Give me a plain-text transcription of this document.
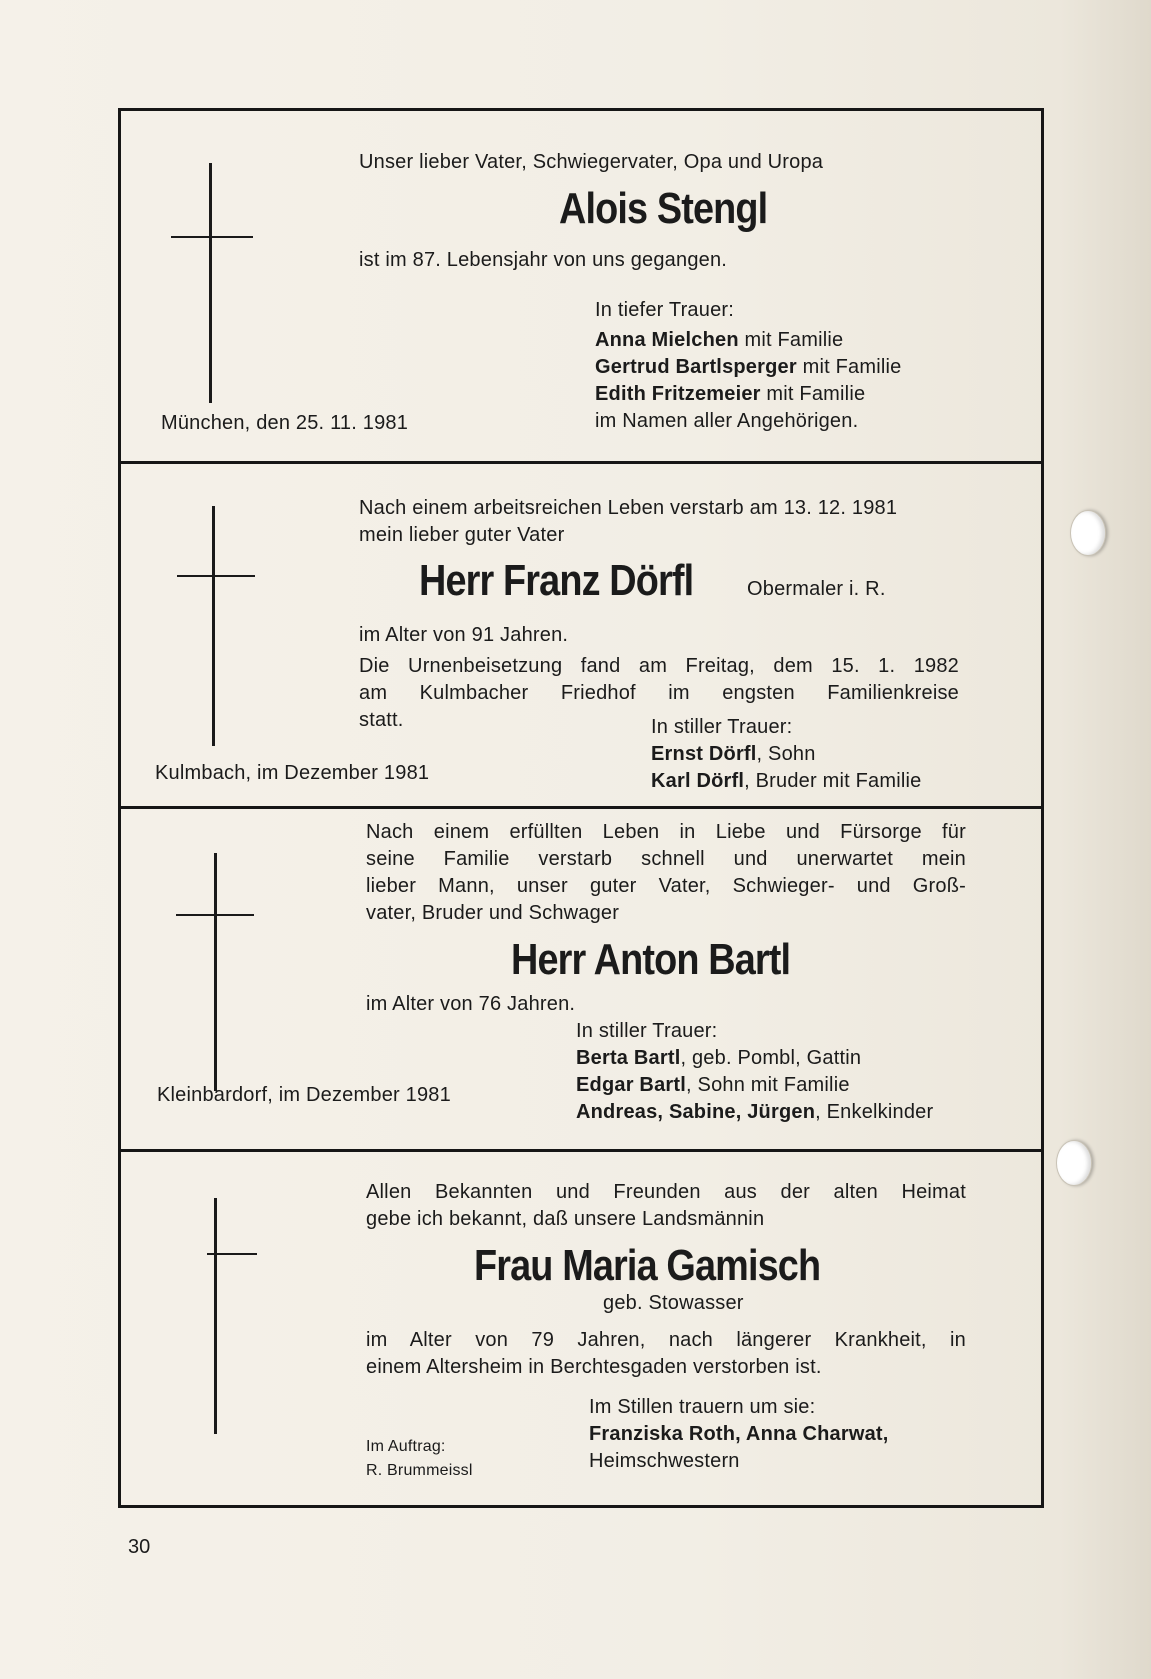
Unser lieber Vater, Schwiegervater, Opa und Uropa
Alois Stengl
ist im 87. Lebensjahr von uns gegangen.
In tiefer Trauer:
Anna Mielchen mit Familie
Gertrud Bartlsperger mit Familie
Edith Fritzemeier mit Familie
im Namen aller Angehörigen.
München, den 25. 11. 1981
Nach einem arbeitsreichen Leben verstarb am 13. 12. 1981
mein lieber guter Vater
Herr Franz Dörfl	Obermaler i. R.
im Alter von 91 Jahren.
Die Urnenbeisetzung fand am Freitag, dem 15. 1. 1982
am Kulmbacher Friedhof im engsten Familienkreise
statt.	In stiller Trauer:
Ernst Dörfl, Sohn
Karl Dörfl, Bruder mit Familie
Kulmbach, im Dezember 1981
Nach einem erfüllten Leben in Liebe und Fürsorge für
seine Familie verstarb schnell und unerwartet mein
lieber Mann, unser guter Vater, Schwieger- und Groß-
vater, Bruder und Schwager
Herr Anton Bartl
im Alter von 76 Jahren.
In stiller Trauer:
Berta Bartl, geb. Pombl, Gattin
Edgar Bartl, Sohn mit Familie
Andreas, Sabine, Jürgen, Enkelkinder
Kleinbardorf, im Dezember 1981
Allen Bekannten und Freunden aus der alten Heimat
gebe ich bekannt, daß unsere Landsmännin
Frau Maria Gamisch
geb. Stowasser
im Alter von 79 Jahren, nach längerer Krankheit, in
einem Altersheim in Berchtesgaden verstorben ist.
Im Stillen trauern um sie:
Franziska Roth, Anna Charwat,
Heimschwestern
Im Auftrag:
R. Brummeissl
30
